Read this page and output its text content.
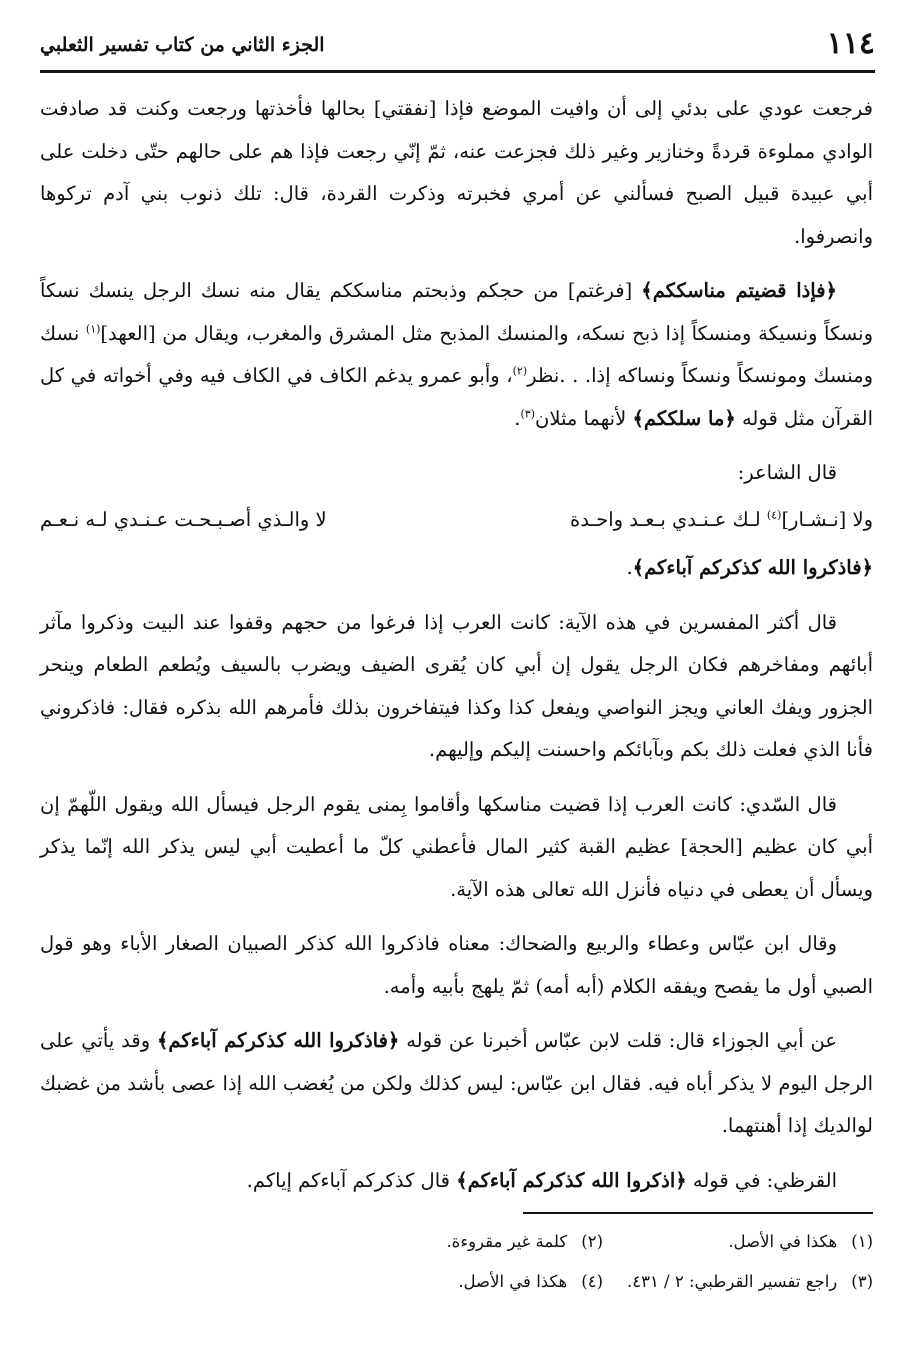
١١٤
الجزء الثاني من كتاب تفسير الثعلبي

فرجعت عودي على بدئي إلى أن وافيت الموضع فإذا [نفقتي] بحالها فأخذتها ورجعت وكنت قد صادفت الوادي مملوءة قردةً وخنازير وغير ذلك فجزعت عنه، ثمّ إنّي رجعت فإذا هم على حالهم حتّى دخلت على أبي عبيدة قبيل الصبح فسألني عن أمري فخبرته وذكرت القردة، قال: تلك ذنوب بني آدم تركوها وانصرفوا.

﴿فإذا قضيتم مناسككم﴾ [فرغتم] من حجكم وذبحتم مناسككم يقال منه نسك الرجل ينسك نسكاً ونسكاً ونسيكة ومنسكاً إذا ذبح نسكه، والمنسك المذبح مثل المشرق والمغرب، ويقال من [العهد]$^{(١)}$ نسك ومنسك ومونسكاً ونسكاً ونساكه إذا. . .نظر$^{(٢)}$، وأبو عمرو يدغم الكاف في الكاف فيه وفي أخواته في كل القرآن مثل قوله ﴿ما سلككم﴾ لأنهما مثلان$^{(٣)}$.

قال الشاعر:

ولا [نـشـار]$^{(٤)}$ لـك عـنـدي بـعـد واحـدة
لا والـذي أصـبـحـت عـنـدي لـه نـعـم

﴿فاذكروا الله كذكركم آباءكم﴾.

قال أكثر المفسرين في هذه الآية: كانت العرب إذا فرغوا من حجهم وقفوا عند البيت وذكروا مآثر أبائهم ومفاخرهم فكان الرجل يقول إن أبي كان يُقرى الضيف ويضرب بالسيف ويُطعم الطعام وينحر الجزور ويفك العاني ويجز النواصي ويفعل كذا وكذا فيتفاخرون بذلك فأمرهم الله بذكره فقال: فاذكروني فأنا الذي فعلت ذلك بكم وبآبائكم واحسنت إليكم وإليهم.

قال السّدي: كانت العرب إذا قضيت مناسكها وأقاموا بِمنى يقوم الرجل فيسأل الله ويقول اللّهمّ إن أبي كان عظيم [الحجة] عظيم القبة كثير المال فأعطني كلّ ما أعطيت أبي ليس يذكر الله إنّما يذكر ويسأل أن يعطى في دنياه فأنزل الله تعالى هذه الآية.

وقال ابن عبّاس وعطاء والربيع والضحاك: معناه فاذكروا الله كذكر الصبيان الصغار الأباء وهو قول الصبي أول ما يفصح ويفقه الكلام (أبه أمه) ثمّ يلهج بأبيه وأمه.

عن أبي الجوزاء قال: قلت لابن عبّاس أخبرنا عن قوله ﴿فاذكروا الله كذكركم آباءكم﴾ وقد يأتي على الرجل اليوم لا يذكر أباه فيه. فقال ابن عبّاس: ليس كذلك ولكن من يُغضب الله إذا عصى بأشد من غضبك لوالديك إذا أهنتهما.

القرظي: في قوله ﴿اذكروا الله كذكركم آباءكم﴾ قال كذكركم آباءكم إياكم.

(١)هكذا في الأصل.
(٢)كلمة غير مقروءة.
(٣)راجع تفسير القرطبي: ٢ / ٤٣١.
(٤)هكذا في الأصل.
